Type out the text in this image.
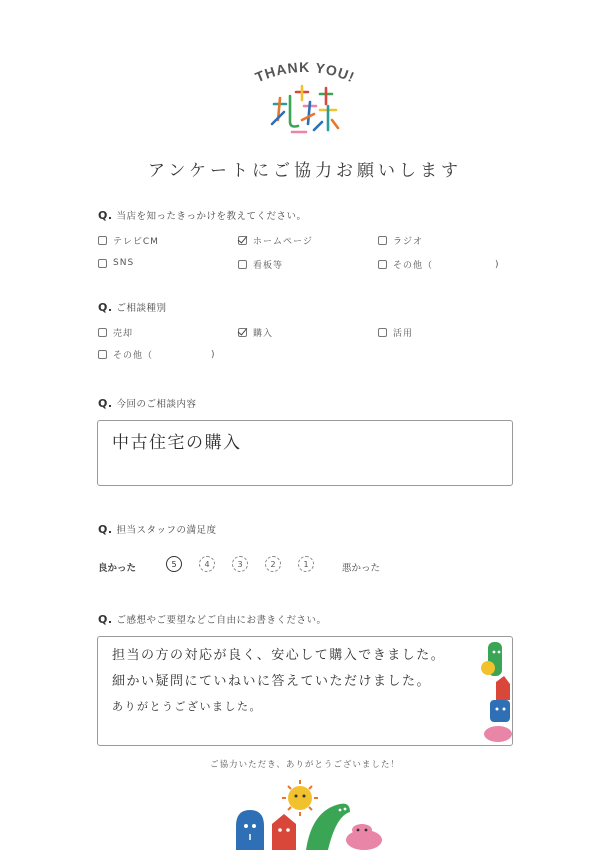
THANK YOU!
アンケートにご協力お願いします
Q. 当店を知ったきっかけを教えてください。
テレビCM	ホームページ	ラジオ
SNS	看板等	その他（	)
Q. ご相談種別
売却	購入	活用
その他（	)
Q. 今回のご相談内容
中古住宅の購入
Q. 担当スタッフの満足度
良かった	5	4	3	2	1	悪かった
Q. ご感想やご要望などご自由にお書きください。
担当の方の対応が良く、安心して購入できました。
細かい疑問にていねいに答えていただけました。
ありがとうございました。
ご協力いただき、ありがとうございました！
